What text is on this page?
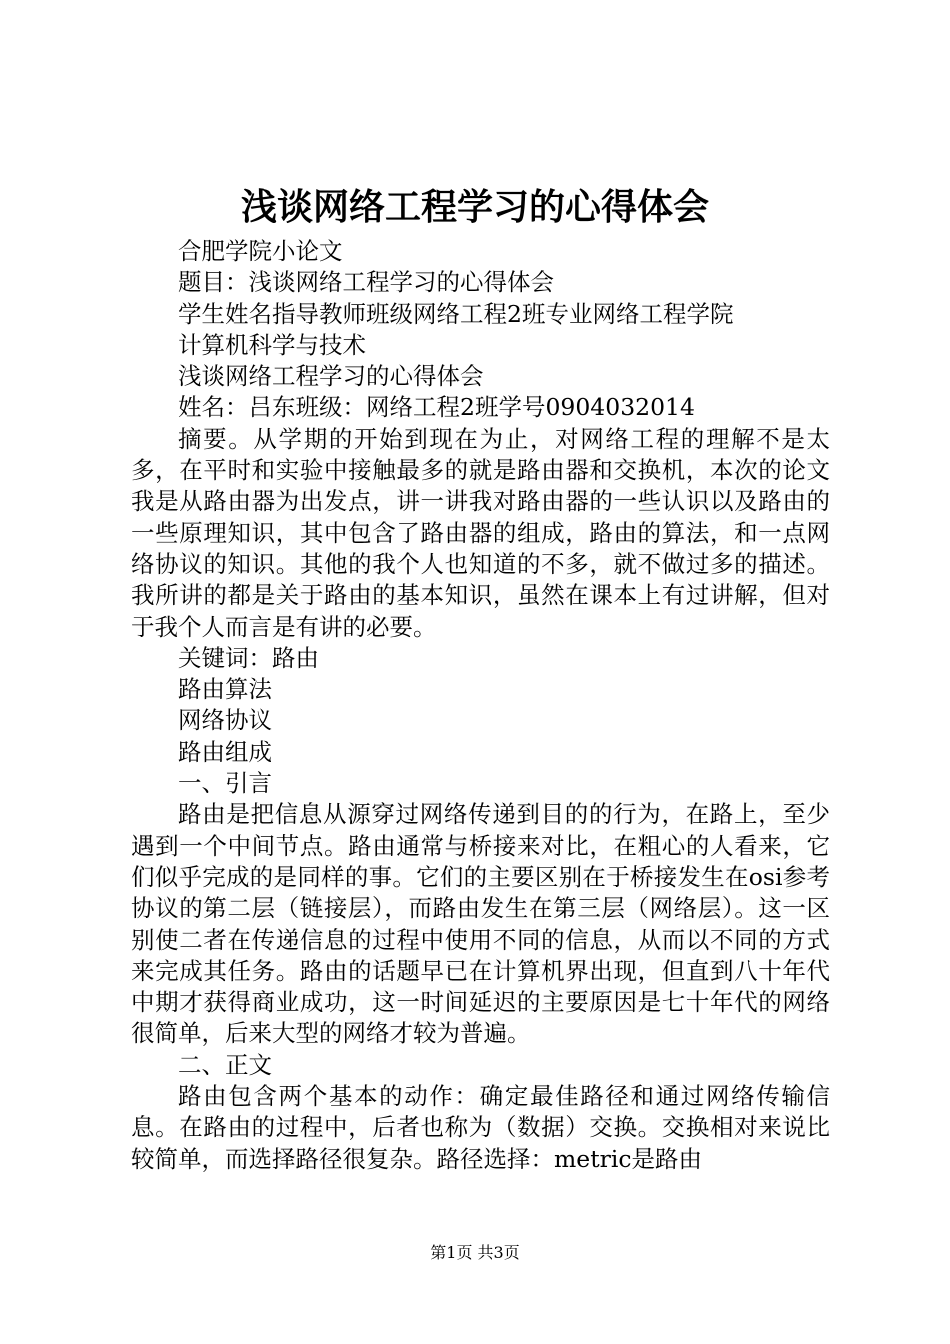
浅谈网络工程学习的心得体会

合肥学院小论文

题目：浅谈网络工程学习的心得体会

学生姓名指导教师班级网络工程2班专业网络工程学院

计算机科学与技术

浅谈网络工程学习的心得体会

姓名：吕东班级：网络工程2班学号0904032014

摘要。从学期的开始到现在为止，对网络工程的理解不是太多，在平时和实验中接触最多的就是路由器和交换机，本次的论文我是从路由器为出发点，讲一讲我对路由器的一些认识以及路由的一些原理知识，其中包含了路由器的组成，路由的算法，和一点网络协议的知识。其他的我个人也知道的不多，就不做过多的描述。我所讲的都是关于路由的基本知识，虽然在课本上有过讲解，但对于我个人而言是有讲的必要。

关键词：路由

路由算法

网络协议

路由组成

一、引言

路由是把信息从源穿过网络传递到目的的行为，在路上，至少遇到一个中间节点。路由通常与桥接来对比，在粗心的人看来，它们似乎完成的是同样的事。它们的主要区别在于桥接发生在osi参考协议的第二层（链接层），而路由发生在第三层（网络层）。这一区别使二者在传递信息的过程中使用不同的信息，从而以不同的方式来完成其任务。路由的话题早已在计算机界出现，但直到八十年代中期才获得商业成功，这一时间延迟的主要原因是七十年代的网络很简单，后来大型的网络才较为普遍。

二、正文

路由包含两个基本的动作：确定最佳路径和通过网络传输信息。在路由的过程中，后者也称为（数据）交换。交换相对来说比较简单，而选择路径很复杂。路径选择：metric是路由

第1页 共3页
